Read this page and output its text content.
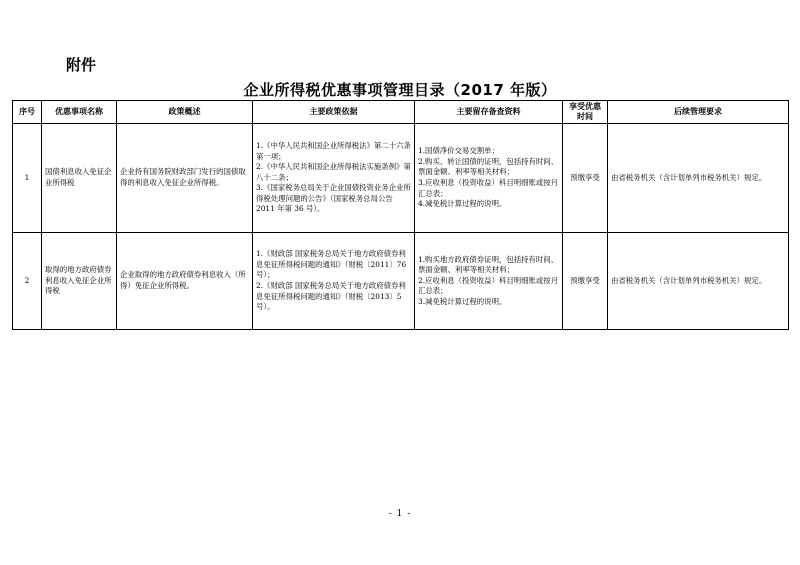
附件
企业所得税优惠事项管理目录（2017 年版）
序号	优惠事项名称	政策概述	主要政策依据	主要留存备查资料	享受优惠时间	后续管理要求
1	国债利息收入免征企业所得税	企业持有国务院财政部门发行的国债取得的利息收入免征企业所得税。	1.《中华人民共和国企业所得税法》第二十六条第一项；
2.《中华人民共和国企业所得税法实施条例》第八十二条；
3.《国家税务总局关于企业国债投资业务企业所得税处理问题的公告》（国家税务总局公告 2011 年第 36 号）。	1.国债净价交易交割单；
2.购买、转让国债的证明，包括持有时间、票面金额、利率等相关材料；
3.应收利息（投资收益）科目明细账或按月汇总表；
4.减免税计算过程的说明。	预缴享受	由省税务机关（含计划单列市税务机关）规定。
2	取得的地方政府债券利息收入免征企业所得税	企业取得的地方政府债券利息收入（所得）免征企业所得税。	1.《财政部 国家税务总局关于地方政府债券利息免征所得税问题的通知》（财税〔2011〕76 号）；
2.《财政部 国家税务总局关于地方政府债券利息免征所得税问题的通知》（财税〔2013〕5 号）。	1.购买地方政府债券证明，包括持有时间、票面金额、利率等相关材料；
2.应收利息（投资收益）科目明细账或按月汇总表；
3.减免税计算过程的说明。	预缴享受	由省税务机关（含计划单列市税务机关）规定。
- 1 -
